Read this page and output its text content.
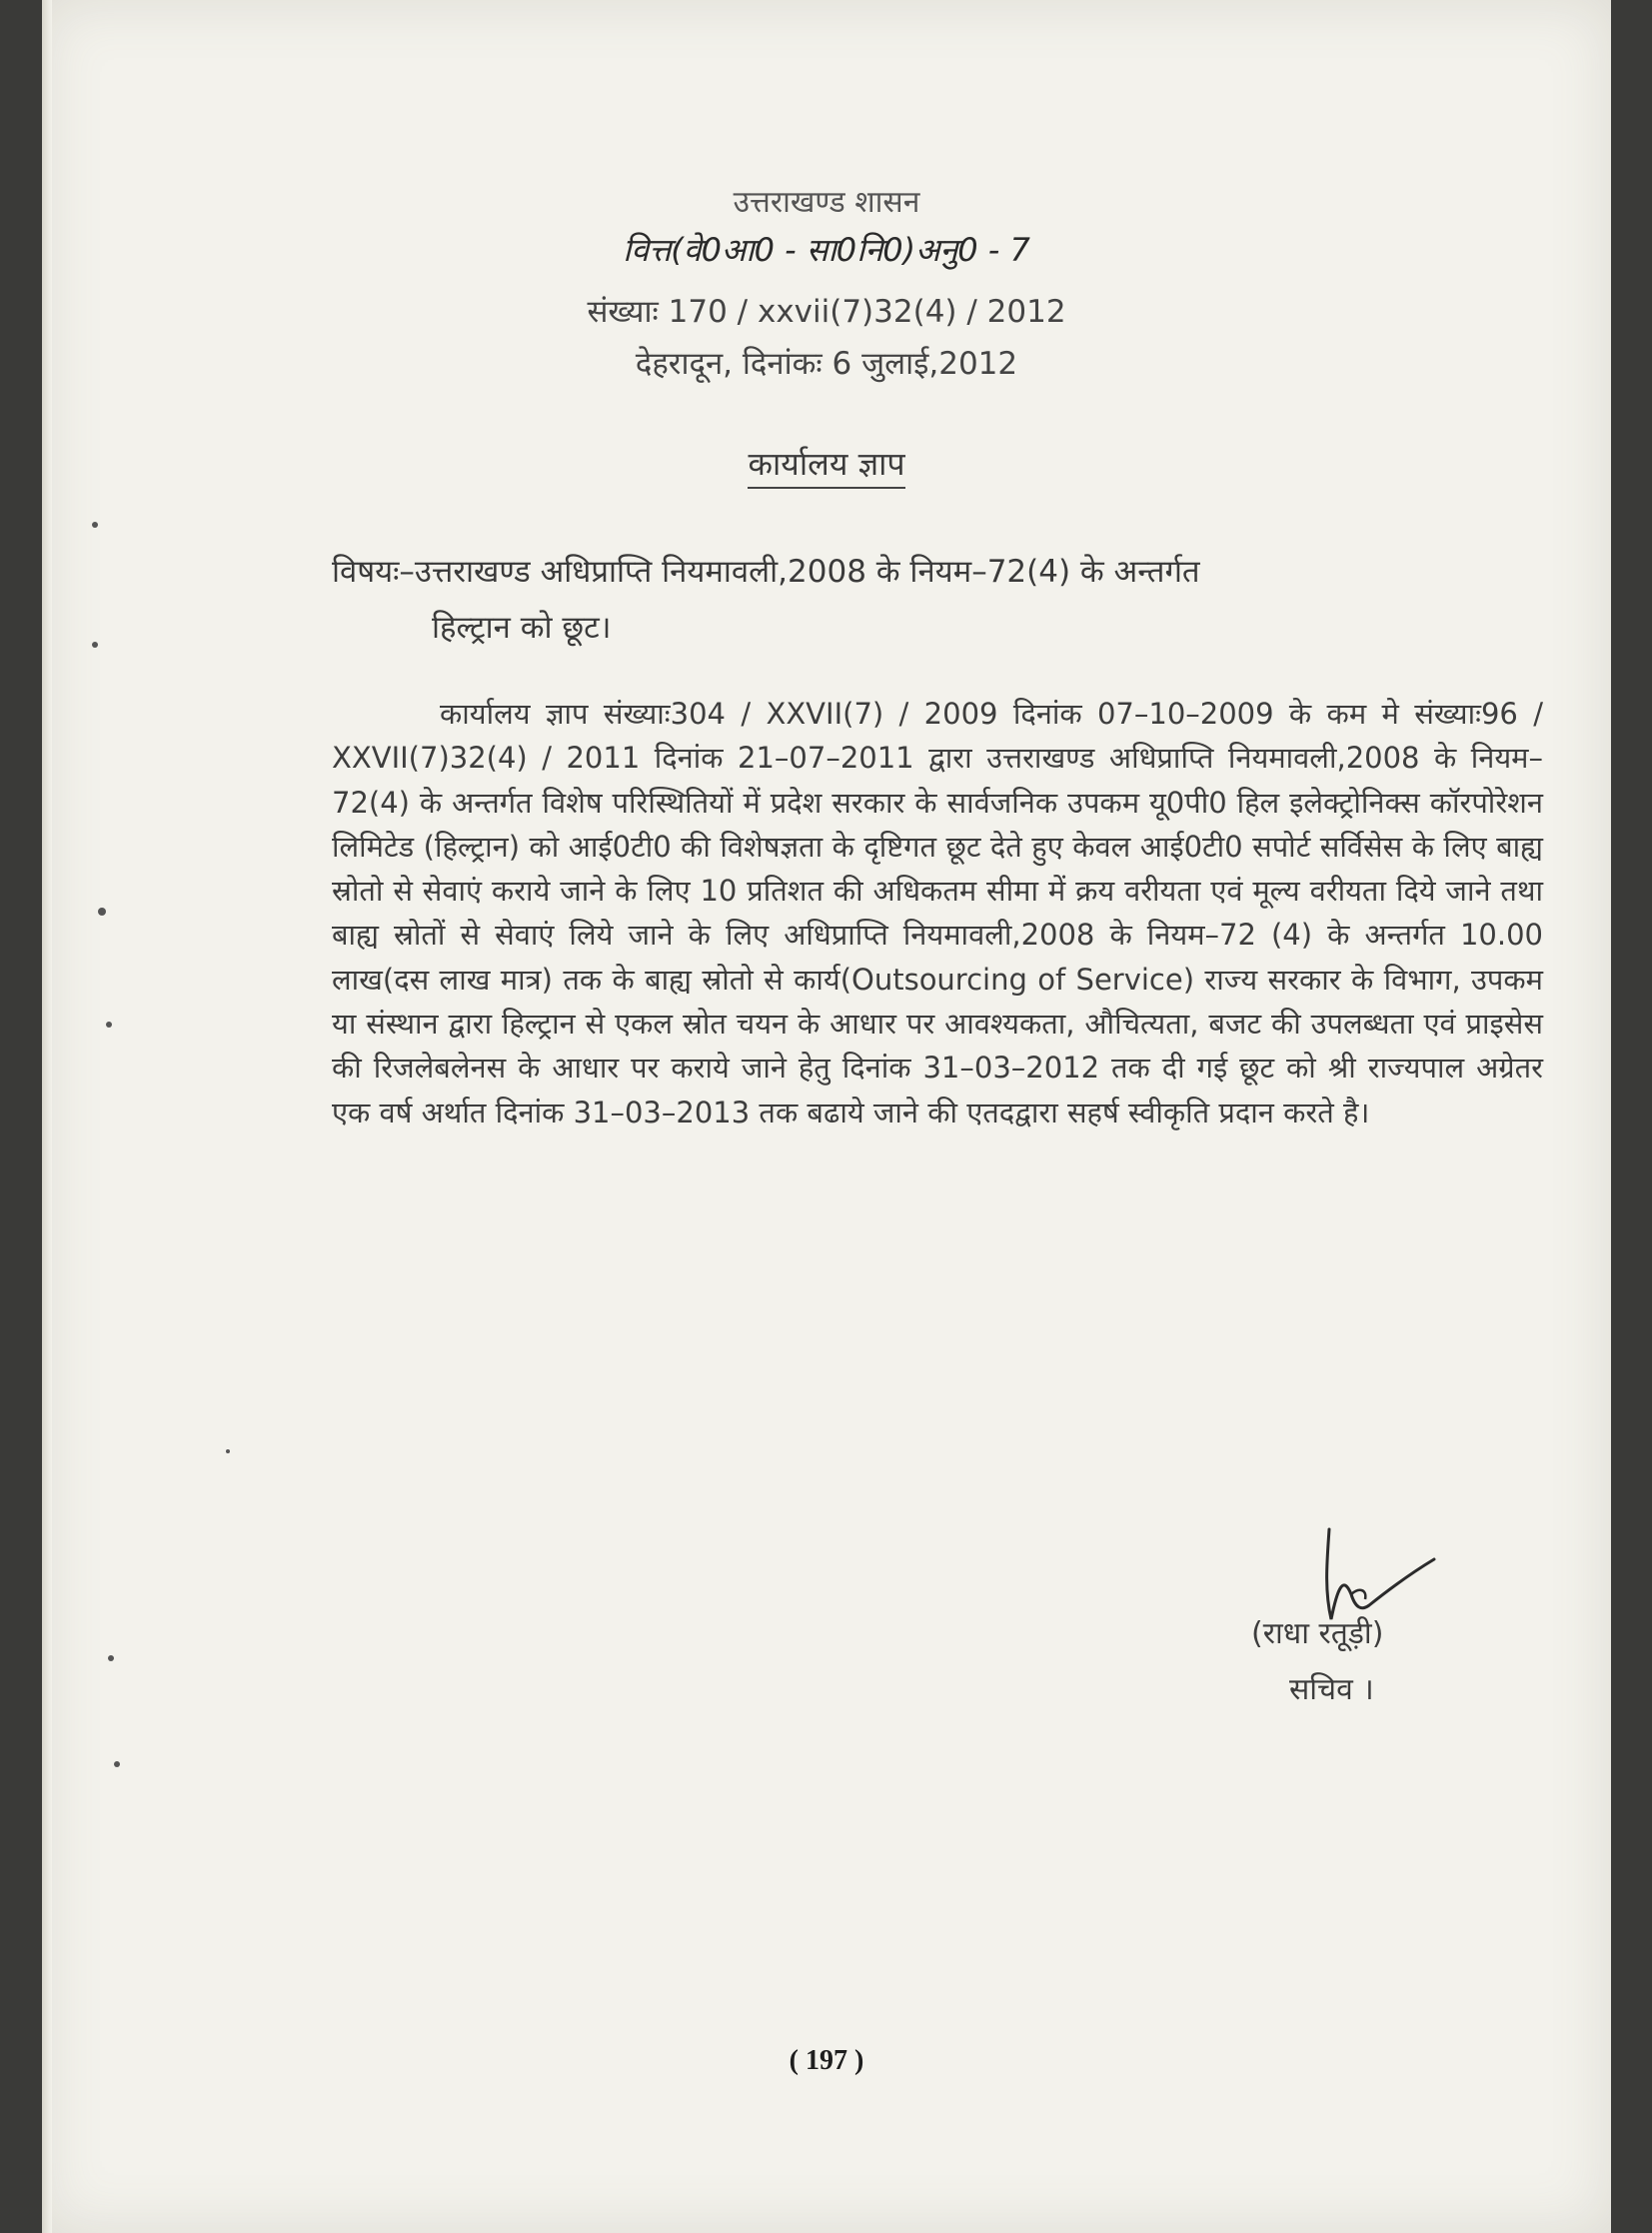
उत्तराखण्ड शासन
वित्त(वे0आ0 - सा0नि0)अनु0 - 7
संख्याः 170 / xxvii(7)32(4) / 2012
देहरादून, दिनांकः 6 जुलाई,2012
कार्यालय ज्ञाप
विषयः–उत्तराखण्ड अधिप्राप्ति नियमावली,2008 के नियम–72(4) के अन्तर्गत
हिल्ट्रान को छूट।
कार्यालय ज्ञाप संख्याः304 / XXVII(7) / 2009 दिनांक 07–10–2009 के कम मे संख्याः96 / XXVII(7)32(4) / 2011 दिनांक 21–07–2011 द्वारा उत्तराखण्ड अधिप्राप्ति नियमावली,2008 के नियम–72(4) के अन्तर्गत विशेष परिस्थितियों में प्रदेश सरकार के सार्वजनिक उपकम यू0पी0 हिल इलेक्ट्रोनिक्स कॉरपोरेशन लिमिटेड (हिल्ट्रान) को आई0टी0 की विशेषज्ञता के दृष्टिगत छूट देते हुए केवल आई0टी0 सपोर्ट सर्विसेस के लिए बाह्य स्रोतो से सेवाएं कराये जाने के लिए 10 प्रतिशत की अधिकतम सीमा में क्रय वरीयता एवं मूल्य वरीयता दिये जाने तथा बाह्य स्रोतों से सेवाएं लिये जाने के लिए अधिप्राप्ति नियमावली,2008 के नियम–72 (4) के अन्तर्गत 10.00 लाख(दस लाख मात्र) तक के बाह्य स्रोतो से कार्य(Outsourcing of Service) राज्य सरकार के विभाग, उपकम या संस्थान द्वारा हिल्ट्रान से एकल स्रोत चयन के आधार पर आवश्यकता, औचित्यता, बजट की उपलब्धता एवं प्राइसेस की रिजलेबलेनस के आधार पर कराये जाने हेतु दिनांक 31–03–2012 तक दी गई छूट को श्री राज्यपाल अग्रेतर एक वर्ष अर्थात दिनांक 31–03–2013 तक बढाये जाने की एतदद्वारा सहर्ष स्वीकृति प्रदान करते है।
(राधा रतूड़ी)
सचिव ।
( 197 )
